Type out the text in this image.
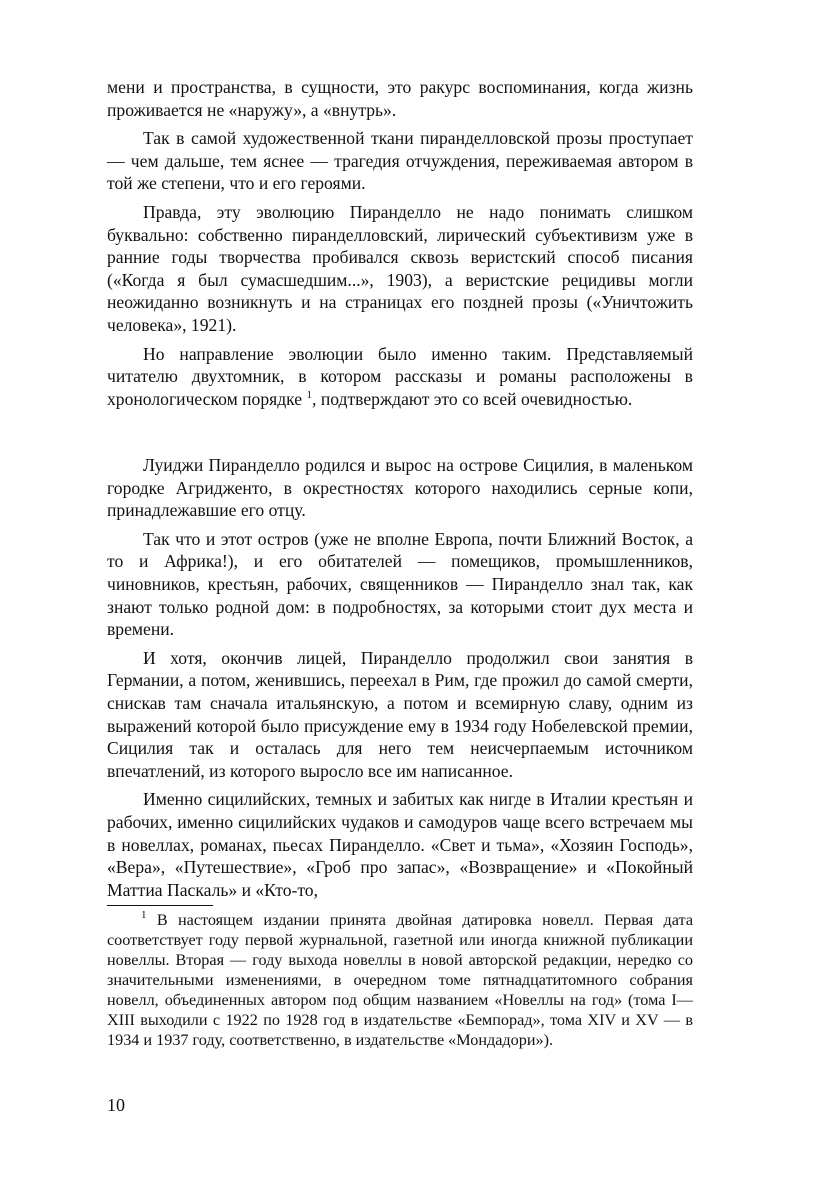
мени и пространства, в сущности, это ракурс воспоминания, когда жизнь проживается не «наружу», а «внутрь».

Так в самой художественной ткани пиранделловской прозы проступает — чем дальше, тем яснее — трагедия отчуждения, переживаемая автором в той же степени, что и его героями.

Правда, эту эволюцию Пиранделло не надо понимать слишком буквально: собственно пиранделловский, лирический субъективизм уже в ранние годы творчества пробивался сквозь веристский способ писания («Когда я был сумасшедшим...», 1903), а веристские рецидивы могли неожиданно возникнуть и на страницах его поздней прозы («Уничтожить человека», 1921).

Но направление эволюции было именно таким. Представляемый читателю двухтомник, в котором рассказы и романы расположены в хронологическом порядке $^1$, подтверждают это со всей очевидностью.

Луиджи Пиранделло родился и вырос на острове Сицилия, в маленьком городке Агридженто, в окрестностях которого находились серные копи, принадлежавшие его отцу.

Так что и этот остров (уже не вполне Европа, почти Ближний Восток, а то и Африка!), и его обитателей — помещиков, промышленников, чиновников, крестьян, рабочих, священников — Пиранделло знал так, как знают только родной дом: в подробностях, за которыми стоит дух места и времени.

И хотя, окончив лицей, Пиранделло продолжил свои занятия в Германии, а потом, женившись, переехал в Рим, где прожил до самой смерти, снискав там сначала итальянскую, а потом и всемирную славу, одним из выражений которой было присуждение ему в 1934 году Нобелевской премии, Сицилия так и осталась для него тем неисчерпаемым источником впечатлений, из которого выросло все им написанное.

Именно сицилийских, темных и забитых как нигде в Италии крестьян и рабочих, именно сицилийских чудаков и самодуров чаще всего встречаем мы в новеллах, романах, пьесах Пиранделло. «Свет и тьма», «Хозяин Господь», «Вера», «Путешествие», «Гроб про запас», «Возвращение» и «Покойный Маттиа Паскаль» и «Кто-то,

$^1$ В настоящем издании принята двойная датировка новелл. Первая дата соответствует году первой журнальной, газетной или иногда книжной публикации новеллы. Вторая — году выхода новеллы в новой авторской редакции, нередко со значительными изменениями, в очередном томе пятнадцатитомного собрания новелл, объединенных автором под общим названием «Новеллы на год» (тома I—XIII выходили с 1922 по 1928 год в издательстве «Бемпорад», тома XIV и XV — в 1934 и 1937 году, соответственно, в издательстве «Мондадори»).

10
